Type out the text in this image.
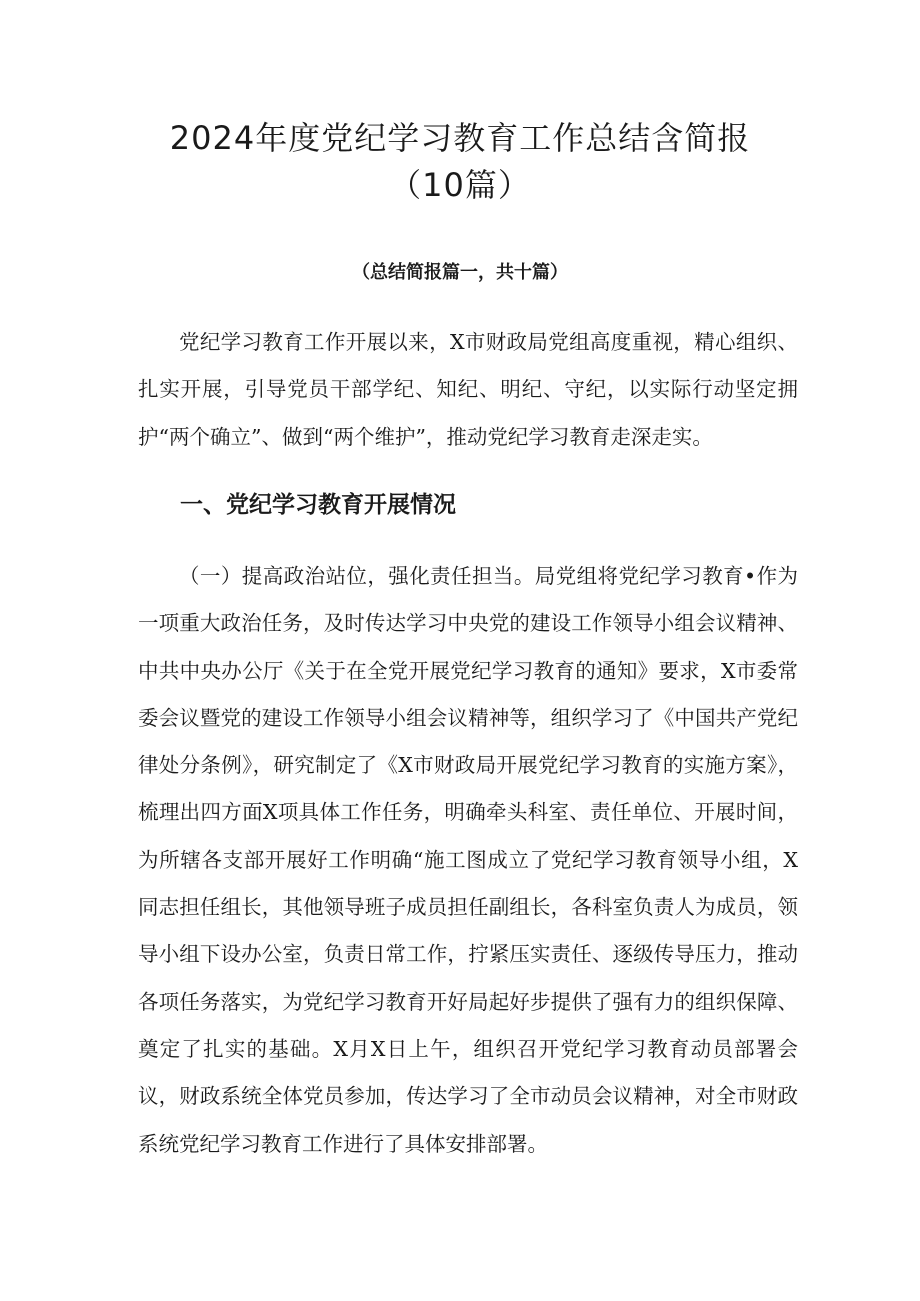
2024年度党纪学习教育工作总结含简报
（10篇）

（总结简报篇一，共十篇）

党纪学习教育工作开展以来，X市财政局党组高度重视，精心组织、扎实开展，引导党员干部学纪、知纪、明纪、守纪，以实际行动坚定拥护“两个确立”、做到“两个维护”，推动党纪学习教育走深走实。

一、党纪学习教育开展情况

（一）提高政治站位，强化责任担当。局党组将党纪学习教育•作为一项重大政治任务，及时传达学习中央党的建设工作领导小组会议精神、中共中央办公厅《关于在全党开展党纪学习教育的通知》要求，X市委常委会议暨党的建设工作领导小组会议精神等，组织学习了《中国共产党纪律处分条例》，研究制定了《X市财政局开展党纪学习教育的实施方案》，梳理出四方面X项具体工作任务，明确牵头科室、责任单位、开展时间，为所辖各支部开展好工作明确“施工图成立了党纪学习教育领导小组，X同志担任组长，其他领导班子成员担任副组长，各科室负责人为成员，领导小组下设办公室，负责日常工作，拧紧压实责任、逐级传导压力，推动各项任务落实，为党纪学习教育开好局起好步提供了强有力的组织保障、奠定了扎实的基础。X月X日上午，组织召开党纪学习教育动员部署会议，财政系统全体党员参加，传达学习了全市动员会议精神，对全市财政系统党纪学习教育工作进行了具体安排部署。
